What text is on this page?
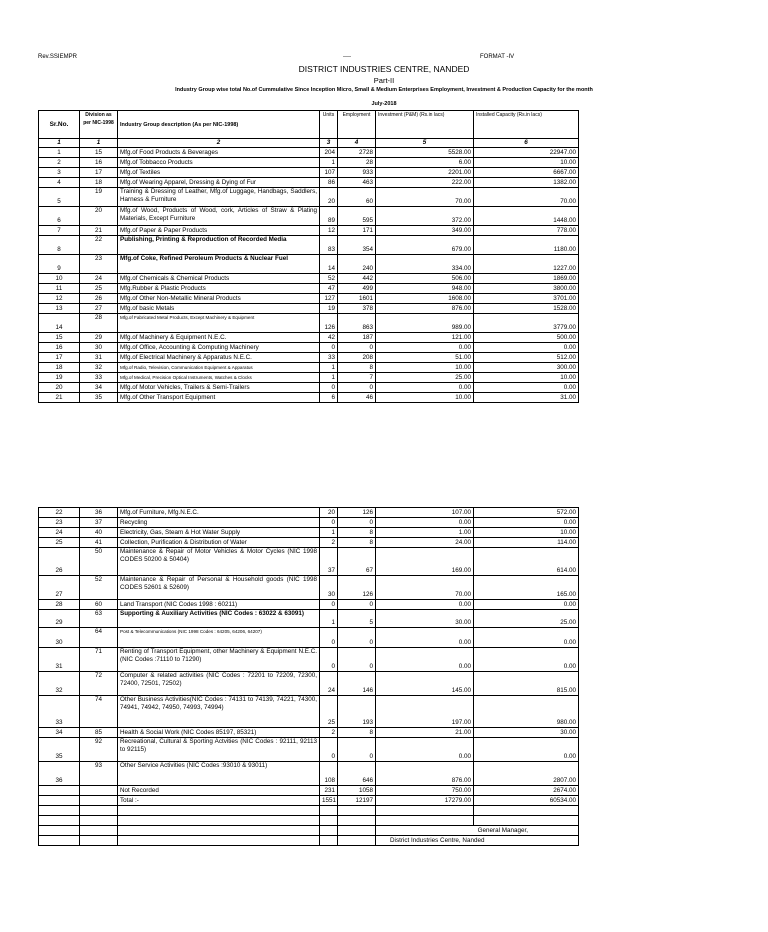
Rev.SSIEMPR	----	FORMAT -IV
DISTRICT INDUSTRIES CENTRE, NANDED
Part-II
Industry Group wise total No.of Cummulative Since Inception Micro, Small & Medium Enterprises Employment, Investment & Production Capacity for the month
July-2018
Sr.No.	Division as per NIC-1998	Industry Group description (As per NIC-1998)	Units	Employment	Investment (P&M) (Rs.in lacs)	Installed Capacity (Rs.in lacs)
1	1	2	3	4	5	6
1	15	Mfg.of Food Products & Beverages	204	2728	5528.00	22947.00
2	16	Mfg.of Tobbacco Products	1	28	6.00	10.00
3	17	Mfg.of Textiles	107	933	2201.00	6667.00
4	18	Mfg.of Wearing Apparel, Dressing & Dying of Fur	86	463	222.00	1382.00
5	19	Training & Dressing of Leather, Mfg.of Luggage, Handbags, Saddlers, Harness & Furniture	20	60	70.00	70.00
6	20	Mfg.of Wood, Products of Wood, cork, Articles of Straw & Plating Materials, Except Furniture	89	595	372.00	1448.00
7	21	Mfg.of Paper & Paper Products	12	171	349.00	778.00
8	22	Publishing, Printing & Reproduction of Recorded Media	83	354	679.00	1180.00
9	23	Mfg.of Coke, Refined Peroleum Products & Nuclear Fuel	14	240	334.00	1227.00
10	24	Mfg.of Chemicals & Chemical Products	52	442	506.00	1869.00
11	25	Mfg.Rubber & Plastic Products	47	499	948.00	3800.00
12	26	Mfg.of Other Non-Metallic Mineral Products	127	1601	1608.00	3701.00
13	27	Mfg.of basic Metals	19	378	876.00	1528.00
14	28	Mfg.of Fabricated Metal Products, Except Machinery & Equipment	126	863	989.00	3779.00
15	29	Mfg.of Machinery & Equipment N.E.C.	42	187	121.00	500.00
16	30	Mfg.of Office, Accounting & Computing Machinery	0	0	0.00	0.00
17	31	Mfg.of Electrical Machinery & Apparatus N.E.C.	33	208	51.00	512.00
18	32	Mfg.of Radio, Television, Communication Equipment & Apparatus	1	8	10.00	300.00
19	33	Mfg.of Medical, Precision Optical Instruments, Watches & Clocks	1	7	25.00	10.00
20	34	Mfg.of Motor Vehicles, Trailers & Semi-Trailers	0	0	0.00	0.00
21	35	Mfg.of Other Transport Equipment	6	46	10.00	31.00
22	36	Mfg.of Furniture, Mfg.N.E.C.	20	126	107.00	572.00
23	37	Recycling	0	0	0.00	0.00
24	40	Electricity, Gas, Steam & Hot Water Supply	1	8	1.00	10.00
25	41	Collection, Purification & Distribution of Water	2	8	24.00	114.00
26	50	Maintenance & Repair of Motor Vehicles & Motor Cycles (NIC 1998 CODES 50200 & 50404)	37	67	169.00	614.00
27	52	Maintenance & Repair of Personal & Household goods (NIC 1998 CODES 52601 & 52609)	30	126	70.00	165.00
28	60	Land Transport (NIC Codes 1998 : 60211)	0	0	0.00	0.00
29	63	Supporting & Auxiliary Activities (NIC Codes : 63022 & 63091)	1	5	30.00	25.00
30	64	Post & Telecommunications (NIC 1998 Codes : 64205, 64206, 64207)	0	0	0.00	0.00
31	71	Renting of Transport Equipment, other Machinery & Equipment N.E.C.(NIC Codes :71110 to 71290)	0	0	0.00	0.00
32	72	Computer & related activities (NIC Codes : 72201 to 72209, 72300, 72400, 72501, 72502)	24	146	145.00	815.00
33	74	Other Business Activities(NIC Codes : 74131 to 74139, 74221, 74300, 74941, 74942, 74950, 74993, 74994)	25	193	197.00	980.00
34	85	Health & Social Work (NIC Codes 85197, 85321)	2	8	21.00	30.00
35	92	Recreational, Cultural & Sporting Actvities (NIC Codes : 92111, 92113 to 92115)	0	0	0.00	0.00
36	93	Other Service Activities (NIC Codes :93010 & 93011)	108	646	876.00	2807.00
		Not Recorded	231	1058	750.00	2674.00
		Total :-	1551	12197	17279.00	60534.00

					General Manager,	
					District Industries Centre, Nanded	
